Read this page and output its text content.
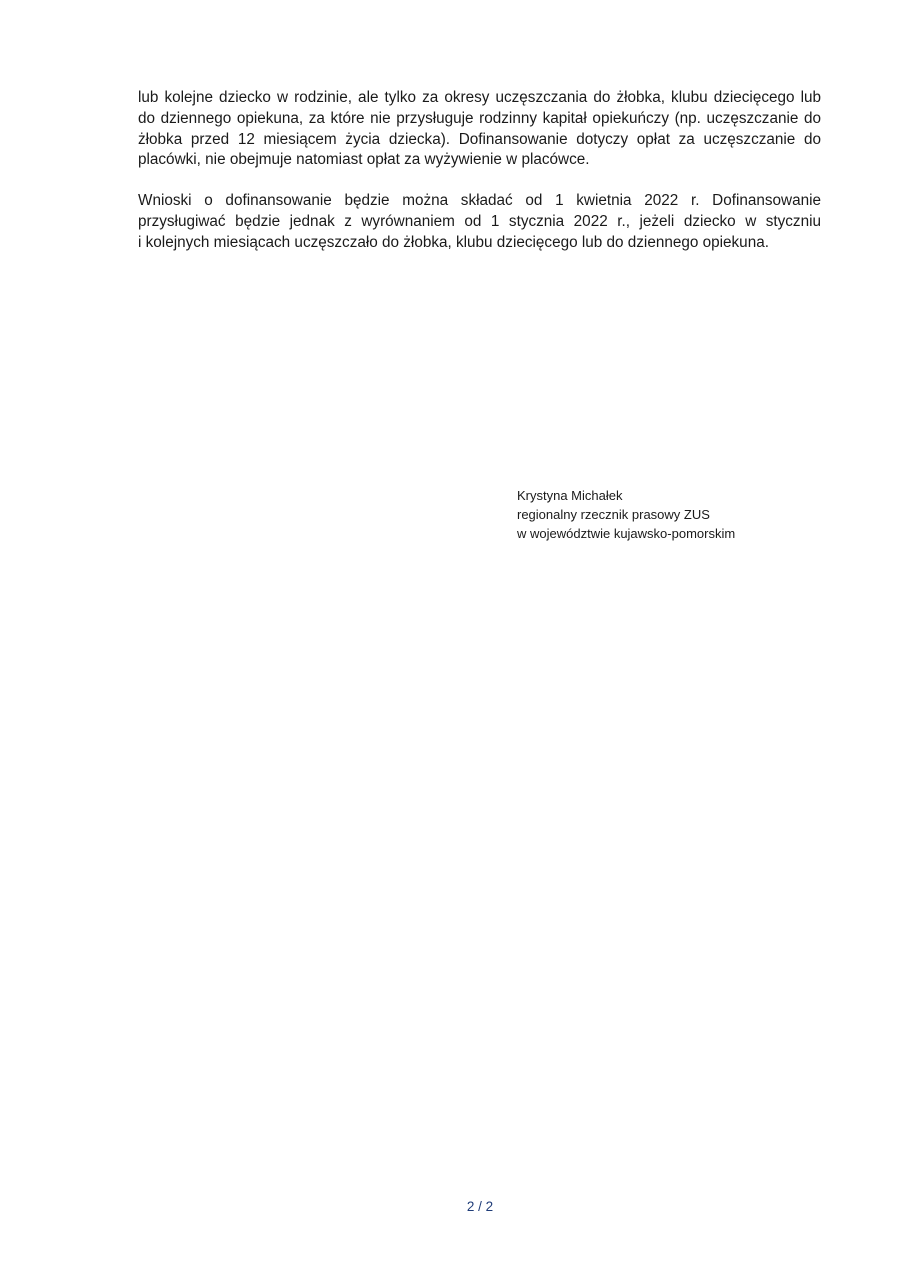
lub kolejne dziecko w rodzinie, ale tylko za okresy uczęszczania do żłobka, klubu dziecięcego lub
do dziennego opiekuna, za które nie przysługuje rodzinny kapitał opiekuńczy (np. uczęszczanie do
żłobka przed 12 miesiącem życia dziecka). Dofinansowanie dotyczy opłat za uczęszczanie do
placówki, nie obejmuje natomiast opłat za wyżywienie w placówce.
Wnioski o dofinansowanie będzie można składać od 1 kwietnia 2022 r. Dofinansowanie
przysługiwać będzie jednak z wyrównaniem od 1 stycznia 2022 r., jeżeli dziecko w styczniu
i kolejnych miesiącach uczęszczało do żłobka, klubu dziecięcego lub do dziennego opiekuna.
Krystyna Michałek
regionalny rzecznik prasowy ZUS
w województwie kujawsko-pomorskim
2 / 2
